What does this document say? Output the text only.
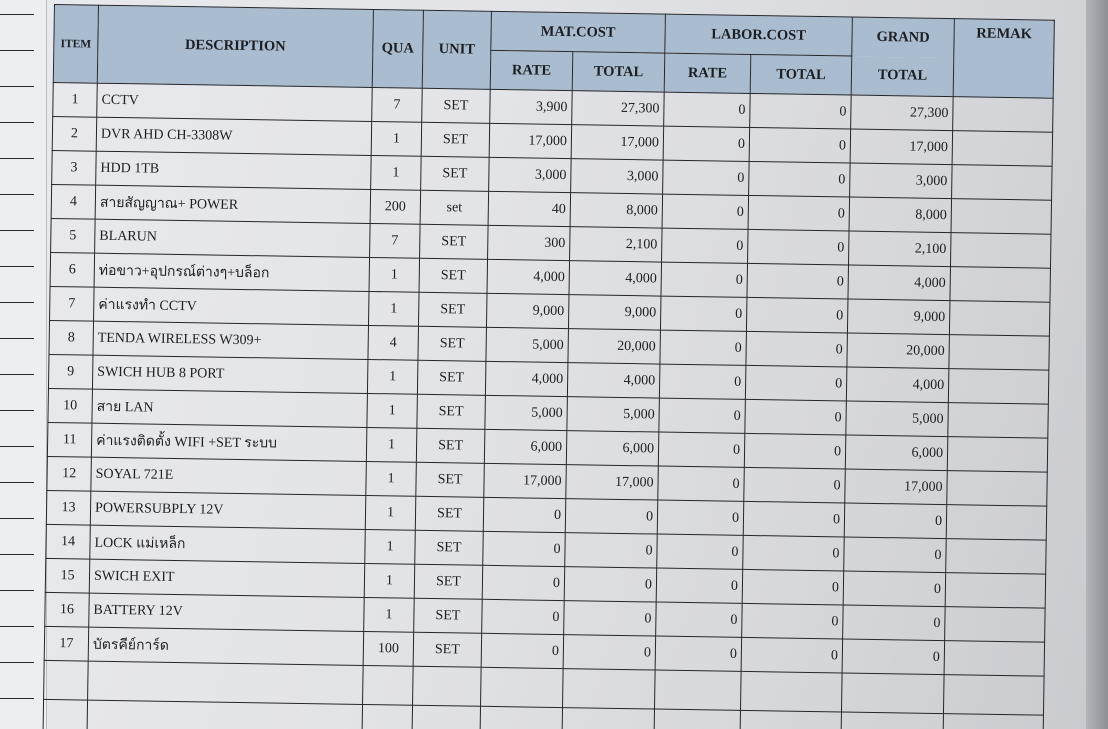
ITEM	DESCRIPTION	QUA	UNIT	MAT.COST		LABOR.COST		GRAND	REMAK
				RATE	TOTAL	RATE	TOTAL	TOTAL	
1	CCTV	7	SET	3,900	27,300	0	0	27,300	
2	DVR AHD CH-3308W	1	SET	17,000	17,000	0	0	17,000	
3	HDD 1TB	1	SET	3,000	3,000	0	0	3,000	
4	สายสัญญาณ+ POWER	200	set	40	8,000	0	0	8,000	
5	BLARUN	7	SET	300	2,100	0	0	2,100	
6	ท่อขาว+อุปกรณ์ต่างๆ+บล็อก	1	SET	4,000	4,000	0	0	4,000	
7	ค่าแรงทำ CCTV	1	SET	9,000	9,000	0	0	9,000	
8	TENDA WIRELESS W309+	4	SET	5,000	20,000	0	0	20,000	
9	SWICH HUB 8 PORT	1	SET	4,000	4,000	0	0	4,000	
10	สาย LAN	1	SET	5,000	5,000	0	0	5,000	
11	ค่าแรงติดตั้ง WIFI +SET ระบบ	1	SET	6,000	6,000	0	0	6,000	
12	SOYAL 721E	1	SET	17,000	17,000	0	0	17,000	
13	POWERSUBPLY 12V	1	SET	0	0	0	0	0	
14	LOCK แม่เหล็ก	1	SET	0	0	0	0	0	
15	SWICH EXIT	1	SET	0	0	0	0	0	
16	BATTERY 12V	1	SET	0	0	0	0	0	
17	บัตรคีย์การ์ด	100	SET	0	0	0	0	0	
